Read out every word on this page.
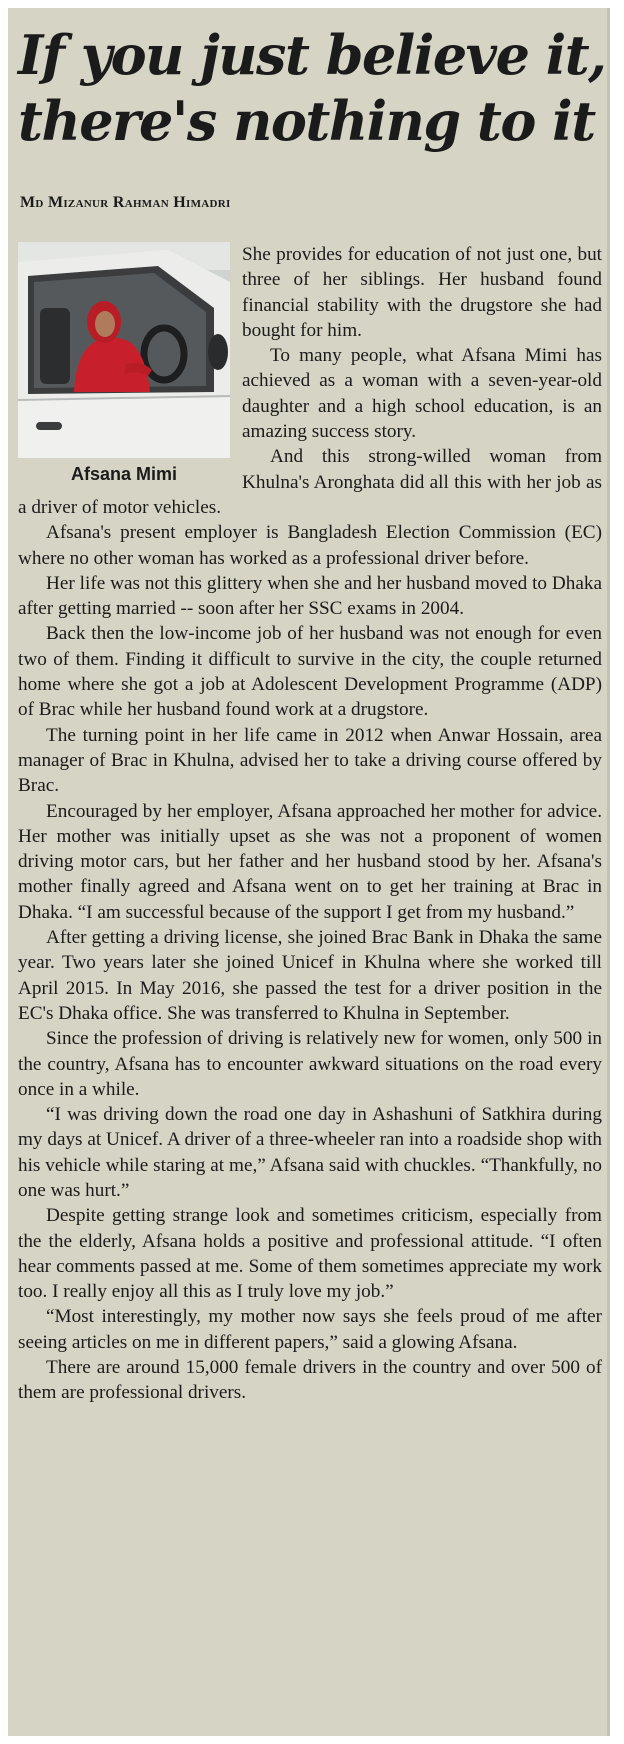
If you just believe it,
there's nothing to it

Md Mizanur Rahman Himadri

Afsana Mimi

She provides for education of not just one, but three of her siblings. Her husband found financial stability with the drugstore she had bought for him.

To many people, what Afsana Mimi has achieved as a woman with a seven-year-old daughter and a high school education, is an amazing success story.

And this strong-willed woman from Khulna's Aronghata did all this with her job as a driver of motor vehicles.

Afsana's present employer is Bangladesh Election Commission (EC) where no other woman has worked as a professional driver before.

Her life was not this glittery when she and her husband moved to Dhaka after getting married -- soon after her SSC exams in 2004.

Back then the low-income job of her husband was not enough for even two of them. Finding it difficult to survive in the city, the couple returned home where she got a job at Adolescent Development Programme (ADP) of Brac while her husband found work at a drugstore.

The turning point in her life came in 2012 when Anwar Hossain, area manager of Brac in Khulna, advised her to take a driving course offered by Brac.

Encouraged by her employer, Afsana approached her mother for advice. Her mother was initially upset as she was not a proponent of women driving motor cars, but her father and her husband stood by her. Afsana's mother finally agreed and Afsana went on to get her training at Brac in Dhaka. “I am successful because of the support I get from my husband.”

After getting a driving license, she joined Brac Bank in Dhaka the same year. Two years later she joined Unicef in Khulna where she worked till April 2015. In May 2016, she passed the test for a driver position in the EC's Dhaka office. She was transferred to Khulna in September.

Since the profession of driving is relatively new for women, only 500 in the country, Afsana has to encounter awkward situations on the road every once in a while.

“I was driving down the road one day in Ashashuni of Satkhira during my days at Unicef. A driver of a three-wheeler ran into a roadside shop with his vehicle while staring at me,” Afsana said with chuckles. “Thankfully, no one was hurt.”

Despite getting strange look and sometimes criticism, especially from the the elderly, Afsana holds a positive and professional attitude. “I often hear comments passed at me. Some of them sometimes appreciate my work too. I really enjoy all this as I truly love my job.”

“Most interestingly, my mother now says she feels proud of me after seeing articles on me in different papers,” said a glowing Afsana.

There are around 15,000 female drivers in the country and over 500 of them are professional drivers.
